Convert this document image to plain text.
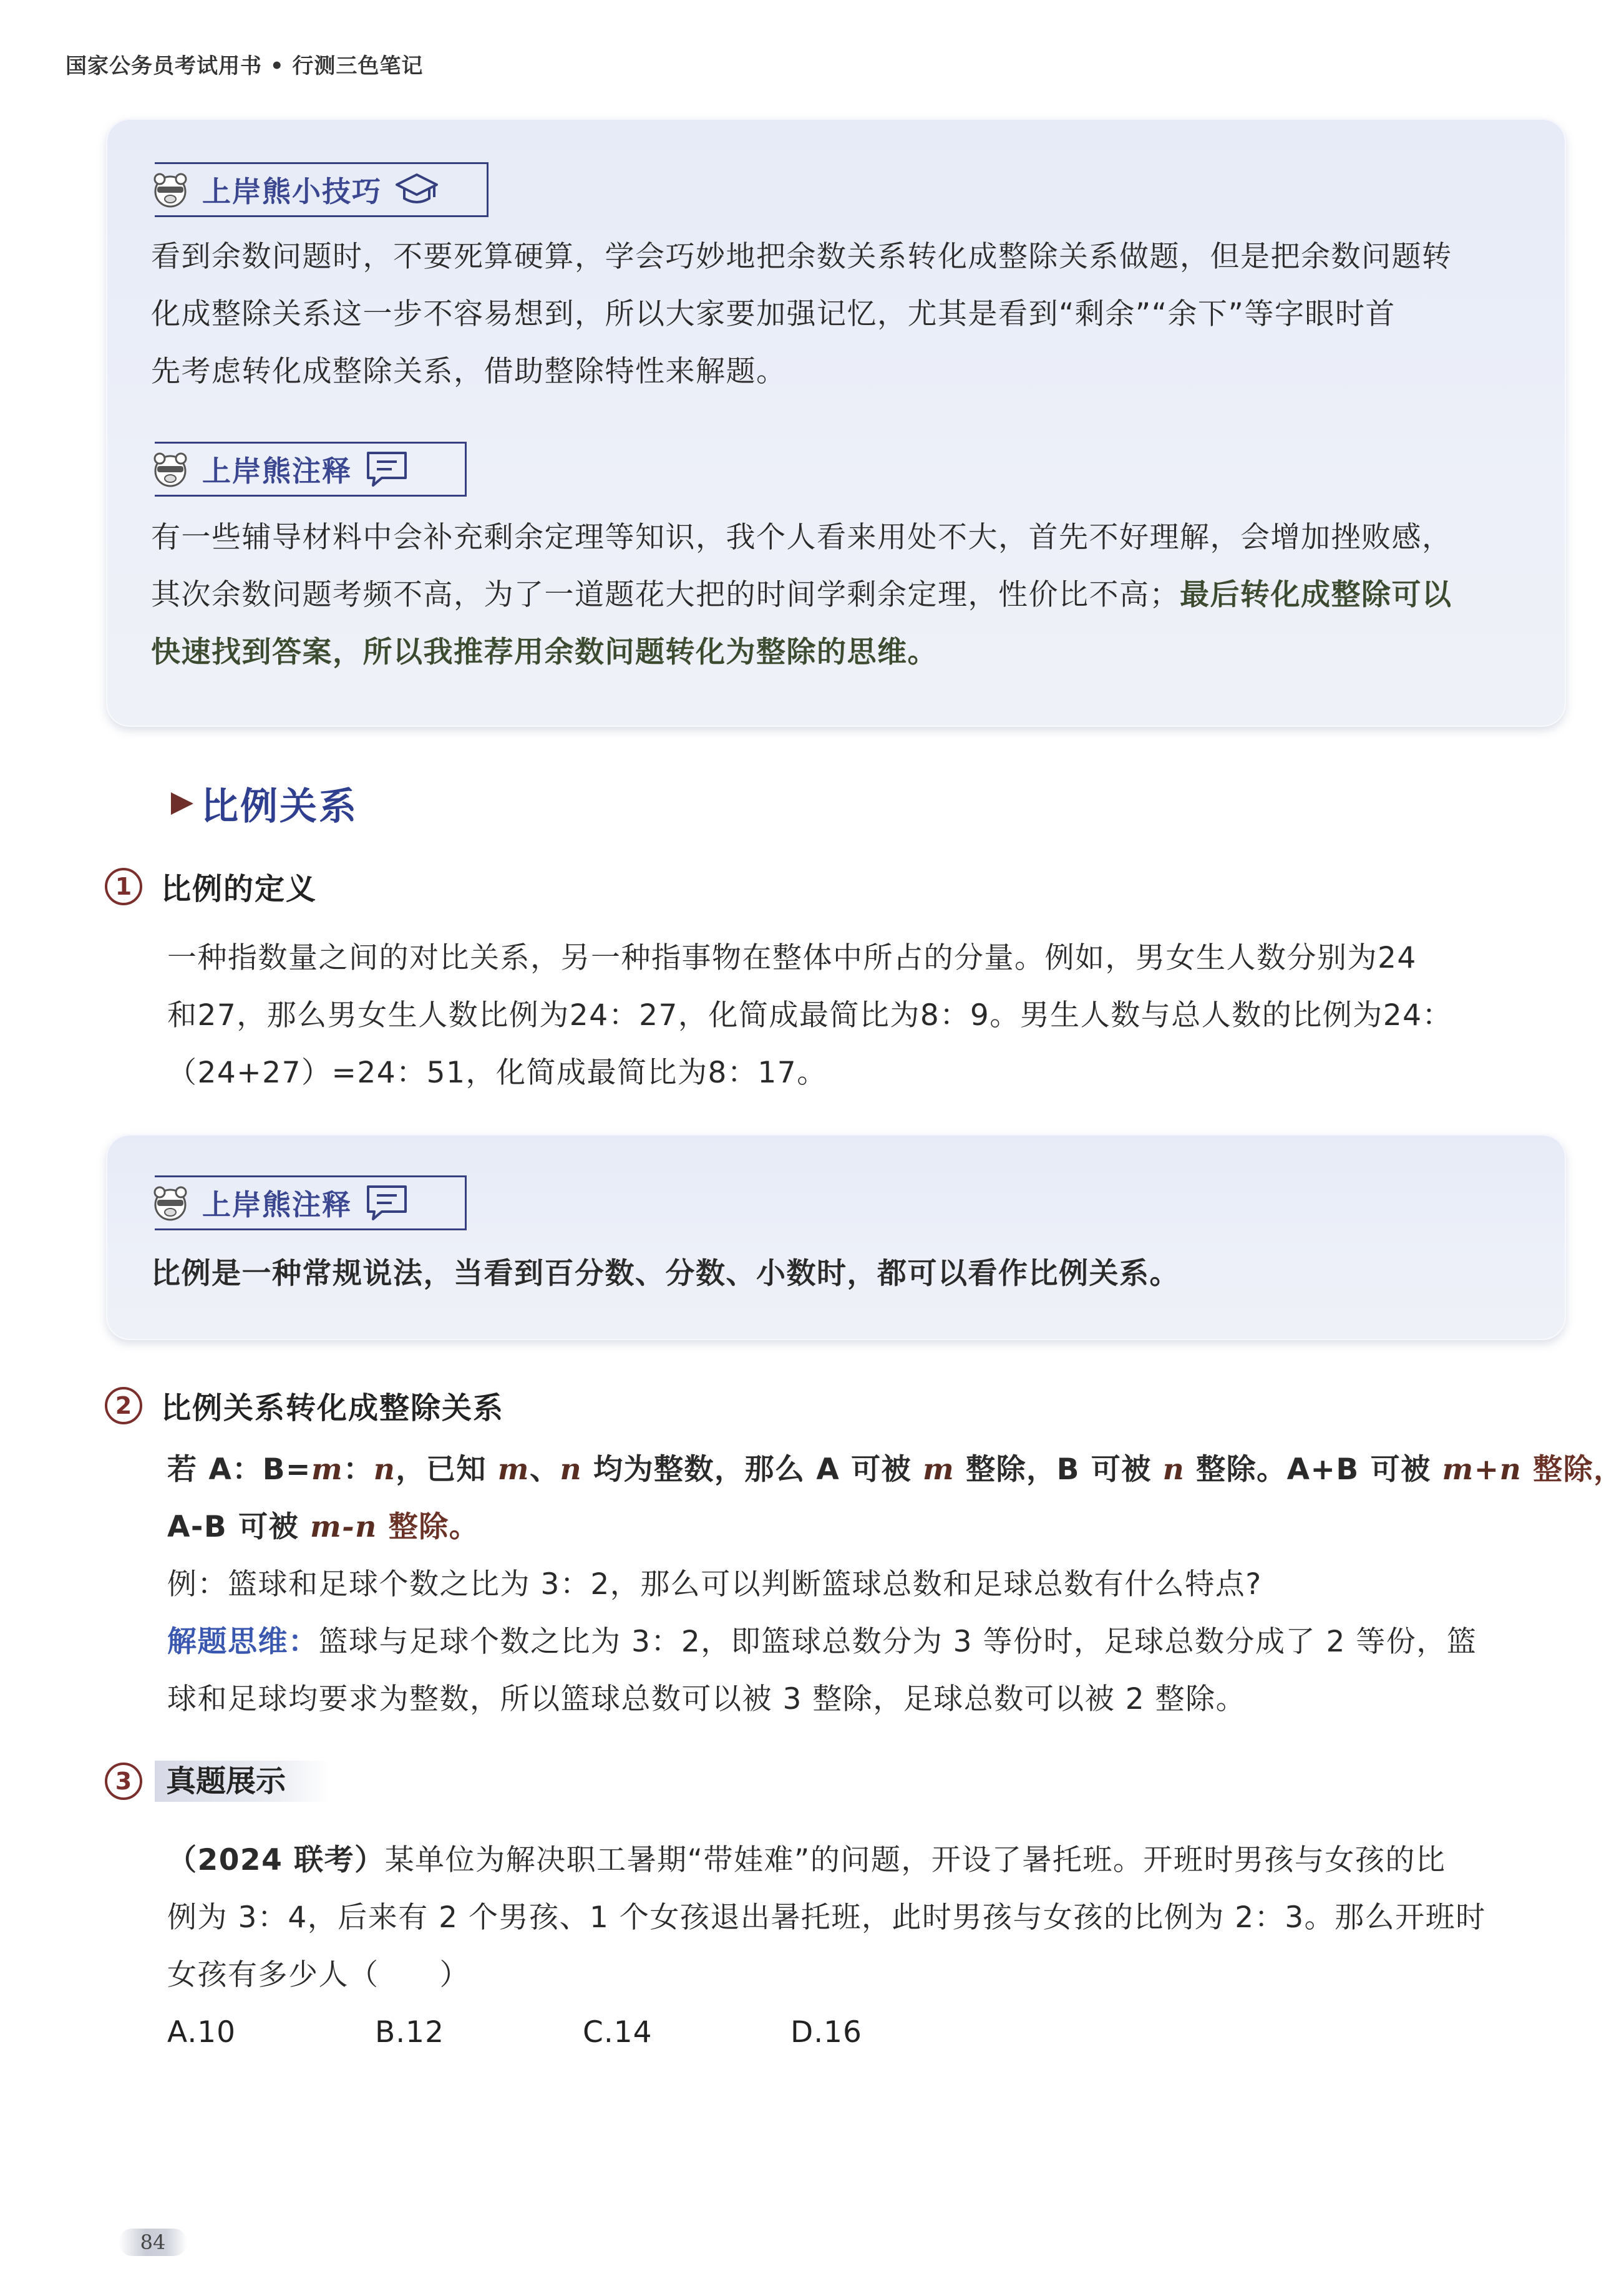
国家公务员考试用书 • 行测三色笔记
上岸熊小技巧
看到余数问题时，不要死算硬算，学会巧妙地把余数关系转化成整除关系做题，但是把余数问题转
化成整除关系这一步不容易想到，所以大家要加强记忆，尤其是看到“剩余”“余下”等字眼时首
先考虑转化成整除关系，借助整除特性来解题。
上岸熊注释
有一些辅导材料中会补充剩余定理等知识，我个人看来用处不大，首先不好理解，会增加挫败感，
其次余数问题考频不高，为了一道题花大把的时间学剩余定理，性价比不高；最后转化成整除可以
快速找到答案，所以我推荐用余数问题转化为整除的思维。
比例关系
1 比例的定义
一种指数量之间的对比关系，另一种指事物在整体中所占的分量。例如，男女生人数分别为24
和27，那么男女生人数比例为24：27，化简成最简比为8：9。男生人数与总人数的比例为24：
（24+27）=24：51，化简成最简比为8：17。
上岸熊注释
比例是一种常规说法，当看到百分数、分数、小数时，都可以看作比例关系。
2 比例关系转化成整除关系
若 A：B=m：n，已知 m、n 均为整数，那么 A 可被 m 整除，B 可被 n 整除。A+B 可被 m+n 整除，
A-B 可被 m-n 整除。
例：篮球和足球个数之比为 3：2，那么可以判断篮球总数和足球总数有什么特点?
解题思维：篮球与足球个数之比为 3：2，即篮球总数分为 3 等份时，足球总数分成了 2 等份，篮
球和足球均要求为整数，所以篮球总数可以被 3 整除，足球总数可以被 2 整除。
3	真题展示
（2024 联考）某单位为解决职工暑期“带娃难”的问题，开设了暑托班。开班时男孩与女孩的比
例为 3：4，后来有 2 个男孩、1 个女孩退出暑托班，此时男孩与女孩的比例为 2：3。那么开班时
女孩有多少人（　　）
A.10	B.12	C.14	D.16
84
